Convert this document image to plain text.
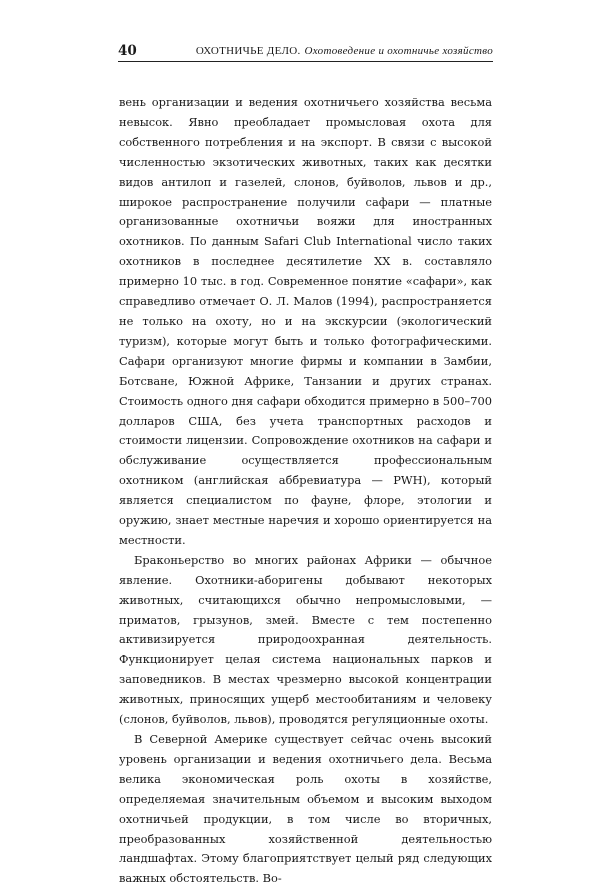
40	ОХОТНИЧЬЕ ДЕЛО. Охотоведение и охотничье хозяйство

вень организации и ведения охотничьего хозяйства весьма невысок. Явно преобладает промысловая охота для собственного потребления и на экспорт. В связи с высокой численностью экзотических животных, таких как десятки видов антилоп и газелей, слонов, буйволов, львов и др., широкое распространение получили сафари — платные организованные охотничьи вояжи для иностранных охотников. По данным Safari Club International число таких охотников в последнее десятилетие XX в. составляло примерно 10 тыс. в год. Современное понятие «сафари», как справедливо отмечает О. Л. Малов (1994), распространяется не только на охоту, но и на экскурсии (экологический туризм), которые могут быть и только фотографическими. Сафари организуют многие фирмы и компании в Замбии, Ботсване, Южной Африке, Танзании и других странах. Стоимость одного дня сафари обходится примерно в 500–700 долларов США, без учета транспортных расходов и стоимости лицензии. Сопровождение охотников на сафари и обслуживание осуществляется профессиональным охотником (английская аббревиатура — PWH), который является специалистом по фауне, флоре, этологии и оружию, знает местные наречия и хорошо ориентируется на местности.

Браконьерство во многих районах Африки — обычное явление. Охотники-аборигены добывают некоторых животных, считающихся обычно непромысловыми, — приматов, грызунов, змей. Вместе с тем постепенно активизируется природоохранная деятельность. Функционирует целая система национальных парков и заповедников. В местах чрезмерно высокой концентрации животных, приносящих ущерб местообитаниям и человеку (слонов, буйволов, львов), проводятся регуляционные охоты.

В Северной Америке существует сейчас очень высокий уровень организации и ведения охотничьего дела. Весьма велика экономическая роль охоты в хозяйстве, определяемая значительным объемом и высоким выходом охотничьей продукции, в том числе во вторичных, преобразованных хозяйственной деятельностью ландшафтах. Этому благоприятствует целый ряд следующих важных обстоятельств. Во-
